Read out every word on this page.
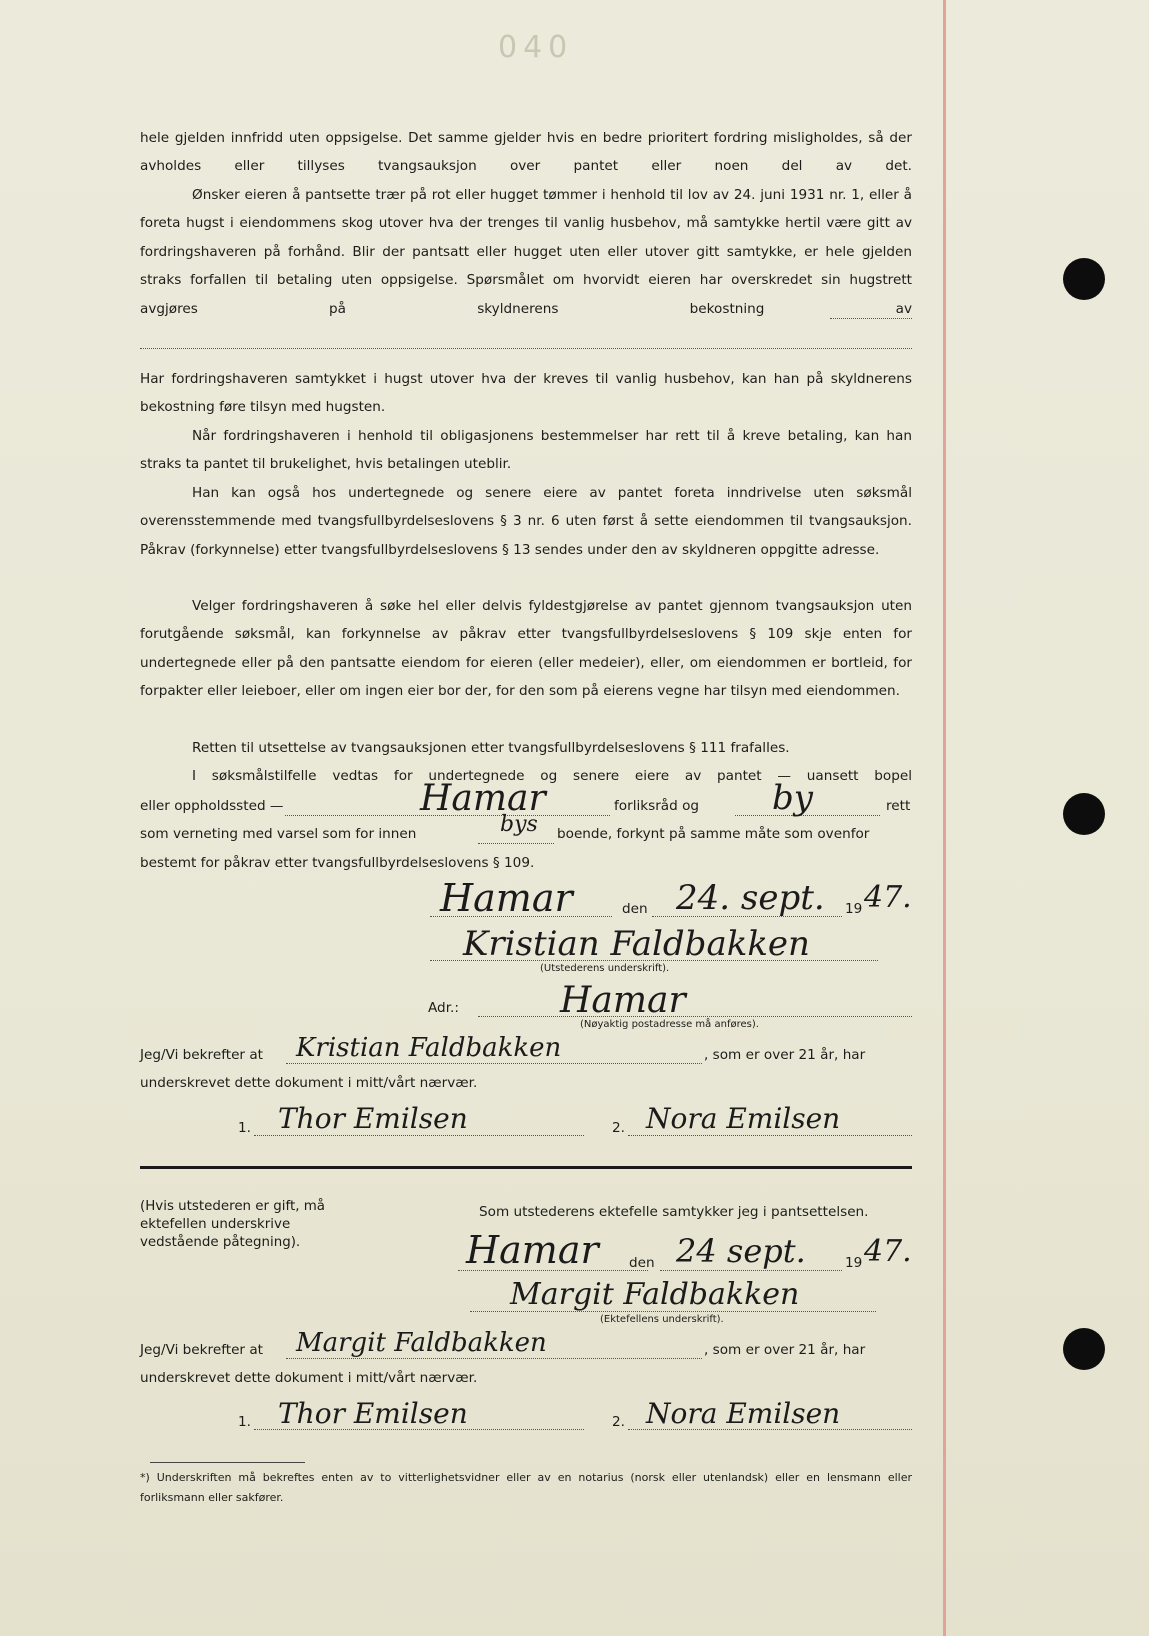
040

hele gjelden innfridd uten oppsigelse. Det samme gjelder hvis en bedre prioritert fordring misligholdes, så der avholdes eller tillyses tvangsauksjon over pantet eller noen del av det.

Ønsker eieren å pantsette trær på rot eller hugget tømmer i henhold til lov av 24. juni 1931 nr. 1, eller å foreta hugst i eiendommens skog utover hva der trenges til vanlig husbehov, må samtykke hertil være gitt av fordringshaveren på forhånd. Blir der pantsatt eller hugget uten eller utover gitt samtykke, er hele gjelden straks forfallen til betaling uten oppsigelse. Spørsmålet om hvorvidt eieren har overskredet sin hugstrett avgjøres på skyldnerens bekostning av

Har fordringshaveren samtykket i hugst utover hva der kreves til vanlig husbehov, kan han på skyldnerens bekostning føre tilsyn med hugsten.

Når fordringshaveren i henhold til obligasjonens bestemmelser har rett til å kreve betaling, kan han straks ta pantet til brukelighet, hvis betalingen uteblir.

Han kan også hos undertegnede og senere eiere av pantet foreta inndrivelse uten søksmål overensstemmende med tvangsfullbyrdelseslovens § 3 nr. 6 uten først å sette eiendommen til tvangsauksjon. Påkrav (forkynnelse) etter tvangsfullbyrdelseslovens § 13 sendes under den av skyldneren oppgitte adresse.

Velger fordringshaveren å søke hel eller delvis fyldestgjørelse av pantet gjennom tvangsauksjon uten forutgående søksmål, kan forkynnelse av påkrav etter tvangsfullbyrdelseslovens § 109 skje enten for undertegnede eller på den pantsatte eiendom for eieren (eller medeier), eller, om eiendommen er bortleid, for forpakter eller leieboer, eller om ingen eier bor der, for den som på eierens vegne har tilsyn med eiendommen.

Retten til utsettelse av tvangsauksjonen etter tvangsfullbyrdelseslovens § 111 frafalles.

I søksmålstilfelle vedtas for undertegnede og senere eiere av pantet — uansett bopel

eller oppholdssted —	Hamar	forliksråd og by	rett
som verneting med varsel som for innen	bys boende, forkynt på samme måte som ovenfor
bestemt for påkrav etter tvangsfullbyrdelseslovens § 109.
Hamar	den 24. sept. 19 47.
Kristian Faldbakken
(Utstederens underskrift).
Adr.:	Hamar
(Nøyaktig postadresse må anføres).
Jeg/Vi bekrefter at Kristian Faldbakken	, som er over 21 år, har
underskrevet dette dokument i mitt/vårt nærvær.
1. Thor Emilsen	2. Nora Emilsen
(Hvis utstederen er gift, må ektefellen underskrive vedstående påtegning).
Som utstederens ektefelle samtykker jeg i pantsettelsen.
Hamar den 24 sept.	19 47.
Margit Faldbakken
(Ektefellens underskrift).
Jeg/Vi bekrefter at Margit Faldbakken	, som er over 21 år, har
underskrevet dette dokument i mitt/vårt nærvær.
1. Thor Emilsen	2. Nora Emilsen
*) Underskriften må bekreftes enten av to vitterlighetsvidner eller av en notarius (norsk eller utenlandsk) eller en lensmann eller forliksmann eller sakfører.
